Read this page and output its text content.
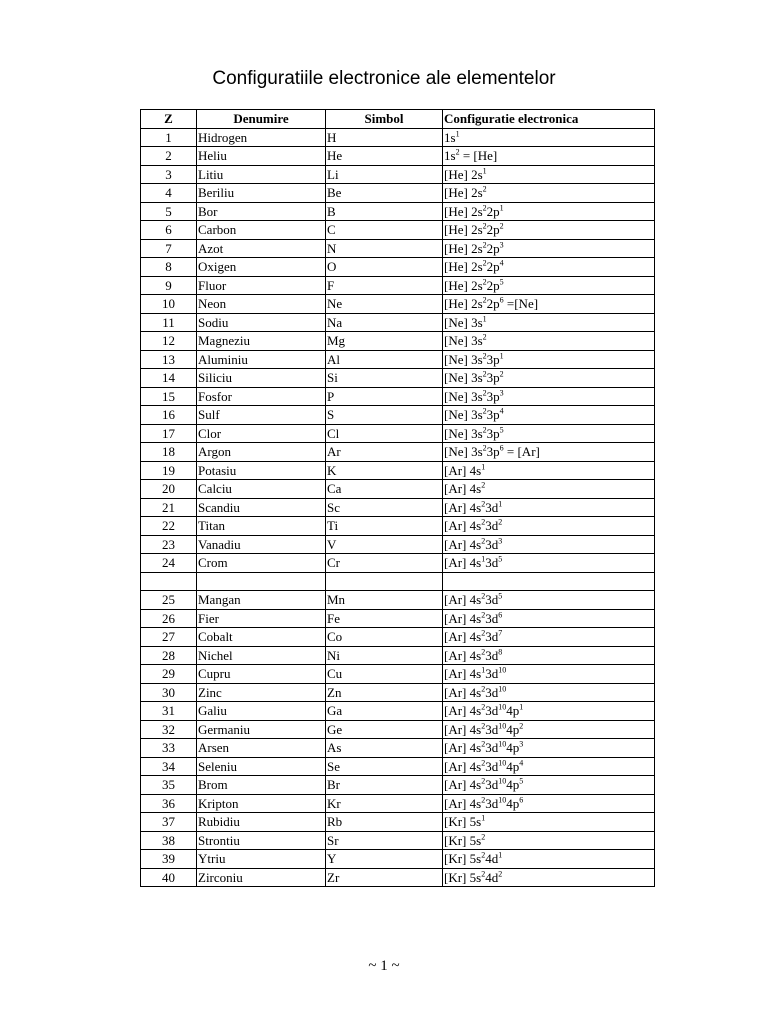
Configuratiile electronice ale elementelor
Z	Denumire	Simbol	Configuratie electronica
1	Hidrogen	H	$1s^1$
2	Heliu	He	$1s^2 = [He]$
3	Litiu	Li	[He] $2s^1$
4	Beriliu	Be	[He] $2s^2$
5	Bor	B	[He] $2s^22p^1$
6	Carbon	C	[He] $2s^22p^2$
7	Azot	N	[He] $2s^22p^3$
8	Oxigen	O	[He] $2s^22p^4$
9	Fluor	F	[He] $2s^22p^5$
10	Neon	Ne	[He] $2s^22p^6 =[Ne]$
11	Sodiu	Na	[Ne] $3s^1$
12	Magneziu	Mg	[Ne] $3s^2$
13	Aluminiu	Al	[Ne] $3s^23p^1$
14	Siliciu	Si	[Ne] $3s^23p^2$
15	Fosfor	P	[Ne] $3s^23p^3$
16	Sulf	S	[Ne] $3s^23p^4$
17	Clor	Cl	[Ne] $3s^23p^5$
18	Argon	Ar	[Ne] $3s^23p^6 = [Ar]$
19	Potasiu	K	[Ar] $4s^1$
20	Calciu	Ca	[Ar] $4s^2$
21	Scandiu	Sc	[Ar] $4s^23d^1$
22	Titan	Ti	[Ar] $4s^23d^2$
23	Vanadiu	V	[Ar] $4s^23d^3$
24	Crom	Cr	[Ar] $4s^13d^5$

25	Mangan	Mn	[Ar] $4s^23d^5$
26	Fier	Fe	[Ar] $4s^23d^6$
27	Cobalt	Co	[Ar] $4s^23d^7$
28	Nichel	Ni	[Ar] $4s^23d^8$
29	Cupru	Cu	[Ar] $4s^13d^{10}$
30	Zinc	Zn	[Ar] $4s^23d^{10}$
31	Galiu	Ga	[Ar] $4s^23d^{10}4p^1$
32	Germaniu	Ge	[Ar] $4s^23d^{10}4p^2$
33	Arsen	As	[Ar] $4s^23d^{10}4p^3$
34	Seleniu	Se	[Ar] $4s^23d^{10}4p^4$
35	Brom	Br	[Ar] $4s^23d^{10}4p^5$
36	Kripton	Kr	[Ar] $4s^23d^{10}4p^6$
37	Rubidiu	Rb	[Kr] $5s^1$
38	Strontiu	Sr	[Kr] $5s^2$
39	Ytriu	Y	[Kr] $5s^24d^1$
40	Zirconiu	Zr	[Kr] $5s^24d^2$
~ 1 ~
